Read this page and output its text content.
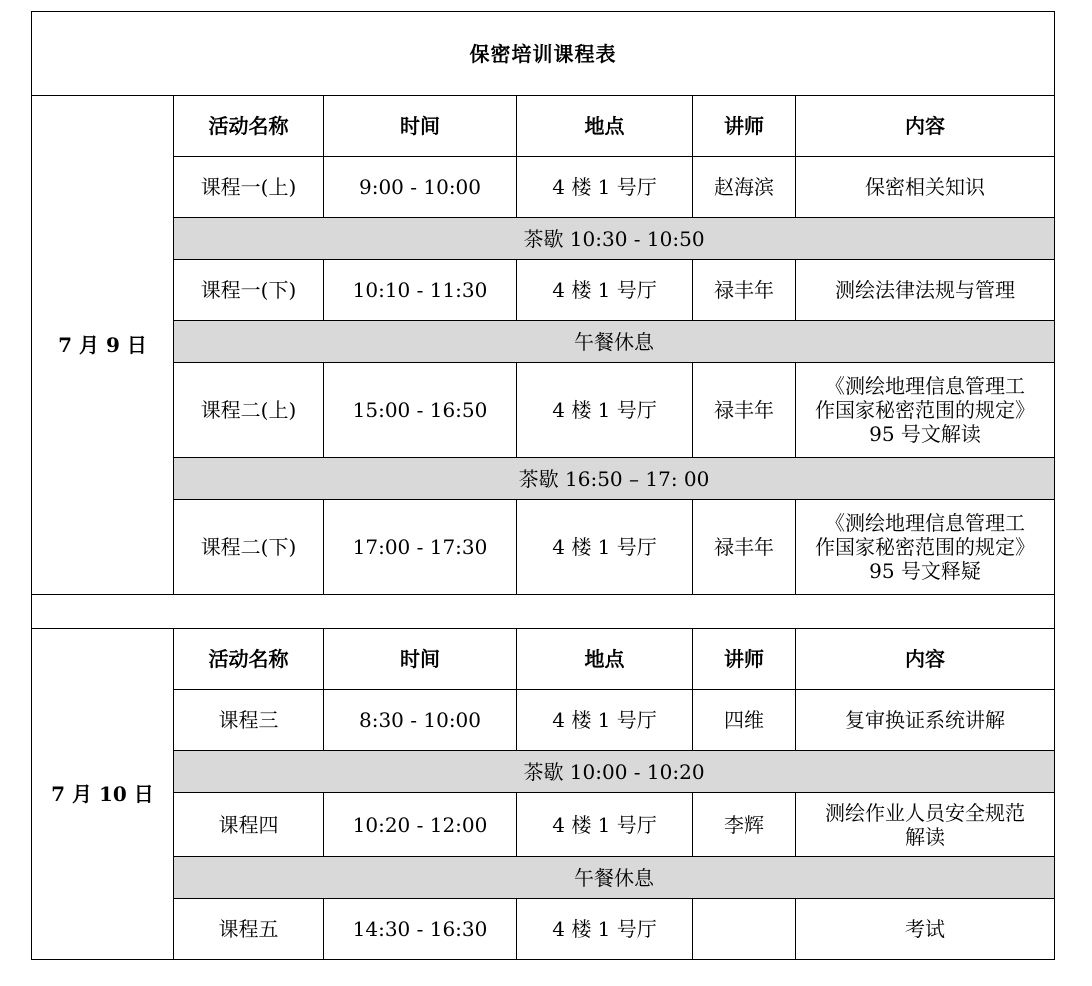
保密培训课程表					
7 月 9 日	活动名称	时间	地点	讲师	内容
	课程一(上)	9:00 - 10:00	4 楼 1 号厅	赵海滨	保密相关知识
	茶歇 10:30 - 10:50				
	课程一(下)	10:10 - 11:30	4 楼 1 号厅	禄丰年	测绘法律法规与管理
	午餐休息				
	课程二(上)	15:00 - 16:50	4 楼 1 号厅	禄丰年	《测绘地理信息管理工
作国家秘密范围的规定》
95 号文解读

	茶歇 16:50 – 17: 00				
	课程二(下)	17:00 - 17:30	4 楼 1 号厅	禄丰年	《测绘地理信息管理工
作国家秘密范围的规定》
95 号文释疑

7 月 10 日	活动名称	时间	地点	讲师	内容
	课程三	8:30 - 10:00	4 楼 1 号厅	四维	复审换证系统讲解
	茶歇 10:00 - 10:20				
	课程四	10:20 - 12:00	4 楼 1 号厅	李辉	测绘作业人员安全规范
解读

	午餐休息				
	课程五	14:30 - 16:30	4 楼 1 号厅		考试
